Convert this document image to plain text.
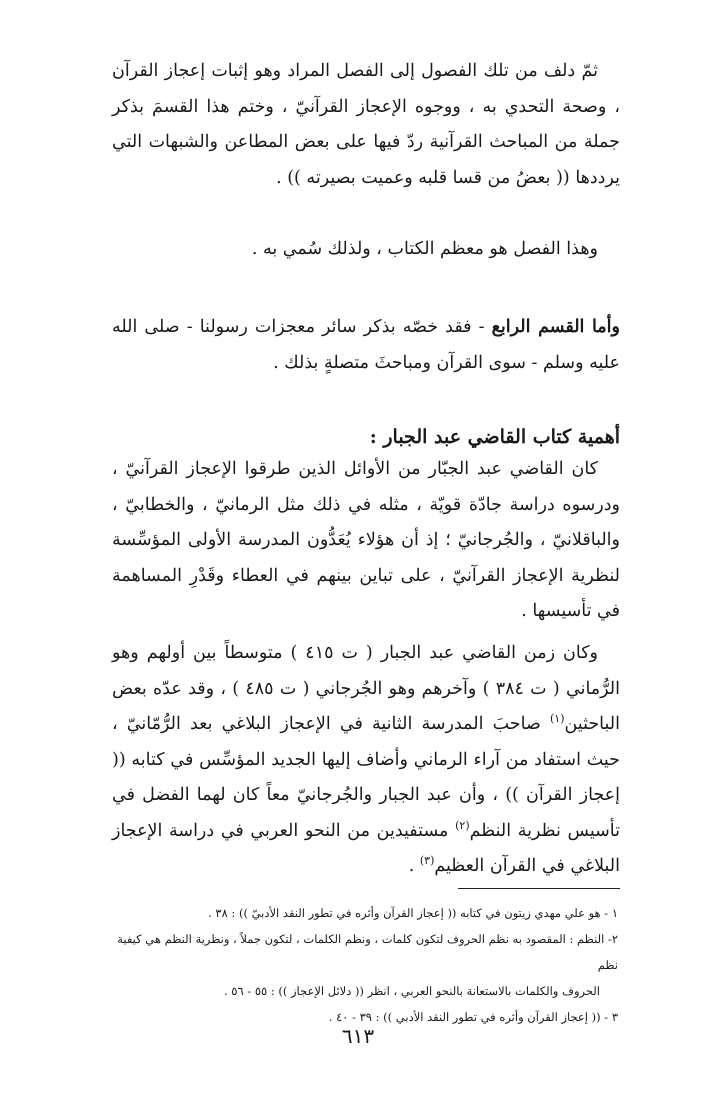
ثمّ دلف من تلك الفصول إلى الفصل المراد وهو إثبات إعجاز القرآن ، وصحة التحدي به ، ووجوه الإعجاز القرآنيّ ، وختم هذا القسمَ بذكر جملة من المباحث القرآنية ردّ فيها على بعض المطاعن والشبهات التي يرددها (( بعضُ من قسا قلبه وعميت بصيرته )) .

وهذا الفصل هو معظم الكتاب ، ولذلك سُمي به .

وأما القسم الرابع - فقد خصّه بذكر سائر معجزات رسولنا - صلى الله عليه وسلم - سوى القرآن ومباحثَ متصلةٍ بذلك .

أهمية كتاب القاضي عبد الجبار :

كان القاضي عبد الجبّار من الأوائل الذين طرقوا الإعجاز القرآنيّ ، ودرسوه دراسة جادّة قويّة ، مثله في ذلك مثل الرمانيّ ، والخطابيّ ، والباقلانيّ ، والجُرجانيّ ؛ إذ أن هؤلاء يُعَدُّون المدرسة الأولى المؤسِّسة لنظرية الإعجاز القرآنيّ ، على تباين بينهم في العطاء وقَدْرِ المساهمة في تأسيسها .

وكان زمن القاضي عبد الجبار ( ت ٤١٥ ) متوسطاً بين أولهم وهو الرُّماني ( ت ٣٨٤ ) وآخرهم وهو الجُرجاني ( ت ٤٨٥ ) ، وقد عدّه بعض الباحثين$^{(١)}$ صاحبَ المدرسة الثانية في الإعجاز البلاغي بعد الرُّمّانيّ ، حيث استفاد من آراء الرماني وأضاف إليها الجديد المؤسِّس في كتابه (( إعجاز القرآن )) ، وأن عبد الجبار والجُرجانيّ معاً كان لهما الفضل في تأسيس نظرية النظم$^{(٢)}$ مستفيدين من النحو العربي في دراسة الإعجاز البلاغي في القرآن العظيم$^{(٣)}$ .

١ - هو علي مهدي زيتون في كتابه (( إعجاز القرآن وأثره في تطور النقد الأدبيّ )) : ٣٨ .
٢- النظم : المقصود به نظم الحروف لتكون كلمات ، ونظم الكلمات ، لتكون جملاً ، ونظرية النظم هي كيفية نظم
الحروف والكلمات بالاستعانة بالنحو العربي ، انظر (( دلائل الإعجاز )) : ٥٥ - ٥٦ .
٣ - (( إعجاز القرآن وأثره في تطور النقد الأدبي )) : ٣٩ - ٤٠ .
٦١٣
